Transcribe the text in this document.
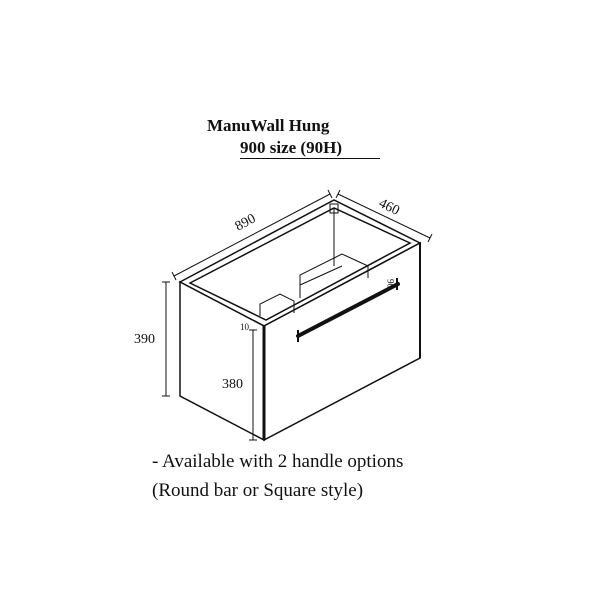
ManuWall Hung
900 size (90H)
890
460
390
380
10
96
- Available with 2 handle options
(Round bar or Square style)
